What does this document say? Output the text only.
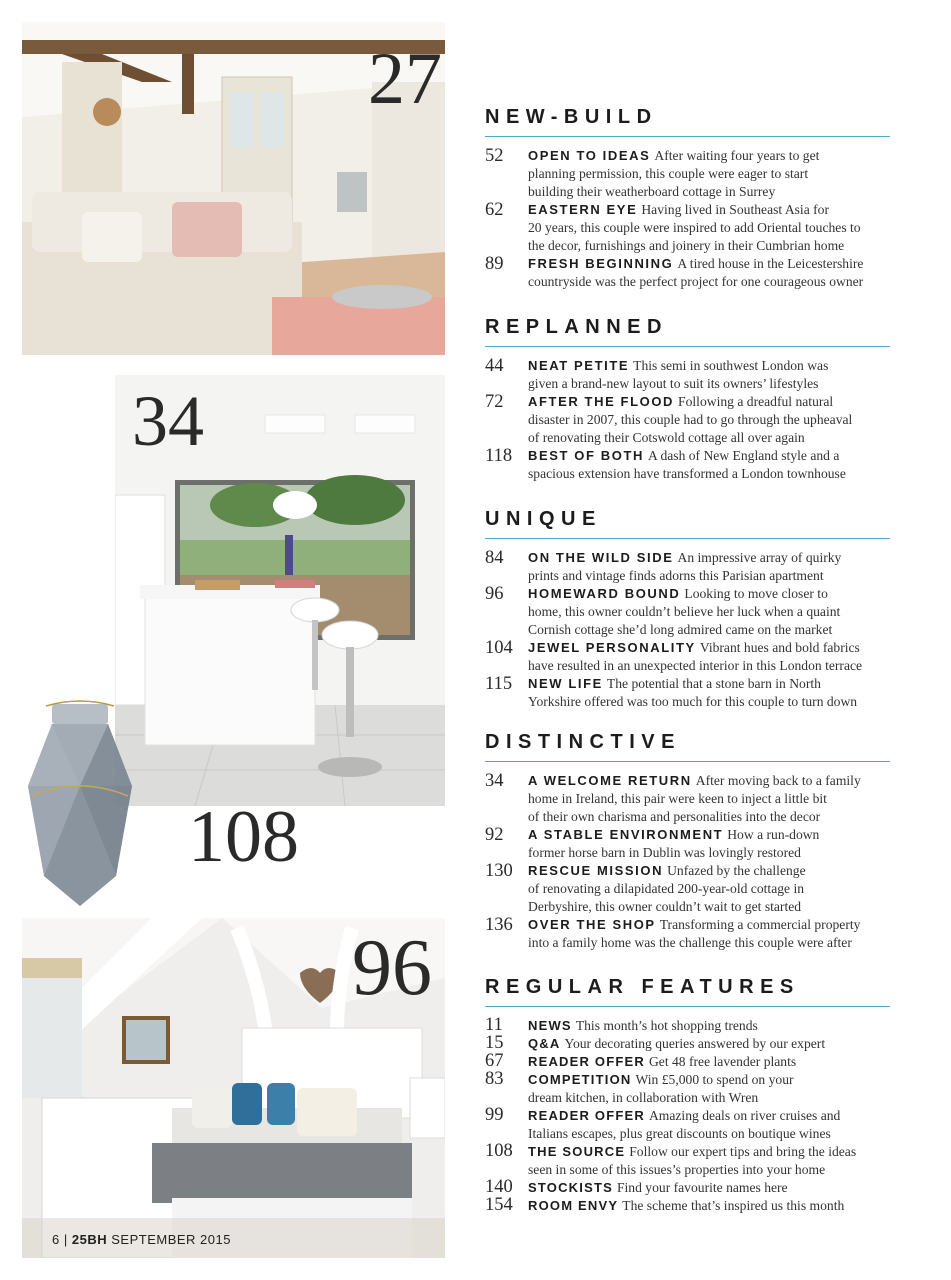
27
34
108
96
6 | 25BH SEPTEMBER 2015
NEW-BUILD
52 OPEN TO IDEAS After waiting four years to get
planning permission, this couple were eager to start
building their weatherboard cottage in Surrey
62 EASTERN EYE Having lived in Southeast Asia for
20 years, this couple were inspired to add Oriental touches to
the decor, furnishings and joinery in their Cumbrian home
89 FRESH BEGINNING A tired house in the Leicestershire
countryside was the perfect project for one courageous owner
REPLANNED
44 NEAT PETITE This semi in southwest London was
given a brand-new layout to suit its owners’ lifestyles
72 AFTER THE FLOOD Following a dreadful natural
disaster in 2007, this couple had to go through the upheaval
of renovating their Cotswold cottage all over again
118 BEST OF BOTH A dash of New England style and a
spacious extension have transformed a London townhouse
UNIQUE
84 ON THE WILD SIDE An impressive array of quirky
prints and vintage finds adorns this Parisian apartment
96 HOMEWARD BOUND Looking to move closer to
home, this owner couldn’t believe her luck when a quaint
Cornish cottage she’d long admired came on the market
104 JEWEL PERSONALITY Vibrant hues and bold fabrics
have resulted in an unexpected interior in this London terrace
115 NEW LIFE The potential that a stone barn in North
Yorkshire offered was too much for this couple to turn down
DISTINCTIVE
34 A WELCOME RETURN After moving back to a family
home in Ireland, this pair were keen to inject a little bit
of their own charisma and personalities into the decor
92 A STABLE ENVIRONMENT How a run-down
former horse barn in Dublin was lovingly restored
130 RESCUE MISSION Unfazed by the challenge
of renovating a dilapidated 200-year-old cottage in
Derbyshire, this owner couldn’t wait to get started
136 OVER THE SHOP Transforming a commercial property
into a family home was the challenge this couple were after
REGULAR FEATURES
11 NEWS This month’s hot shopping trends
15 Q&A Your decorating queries answered by our expert
67 READER OFFER Get 48 free lavender plants
83 COMPETITION Win £5,000 to spend on your
dream kitchen, in collaboration with Wren
99 READER OFFER Amazing deals on river cruises and
Italians escapes, plus great discounts on boutique wines
108 THE SOURCE Follow our expert tips and bring the ideas
seen in some of this issues’s properties into your home
140 STOCKISTS Find your favourite names here
154 ROOM ENVY The scheme that’s inspired us this month
